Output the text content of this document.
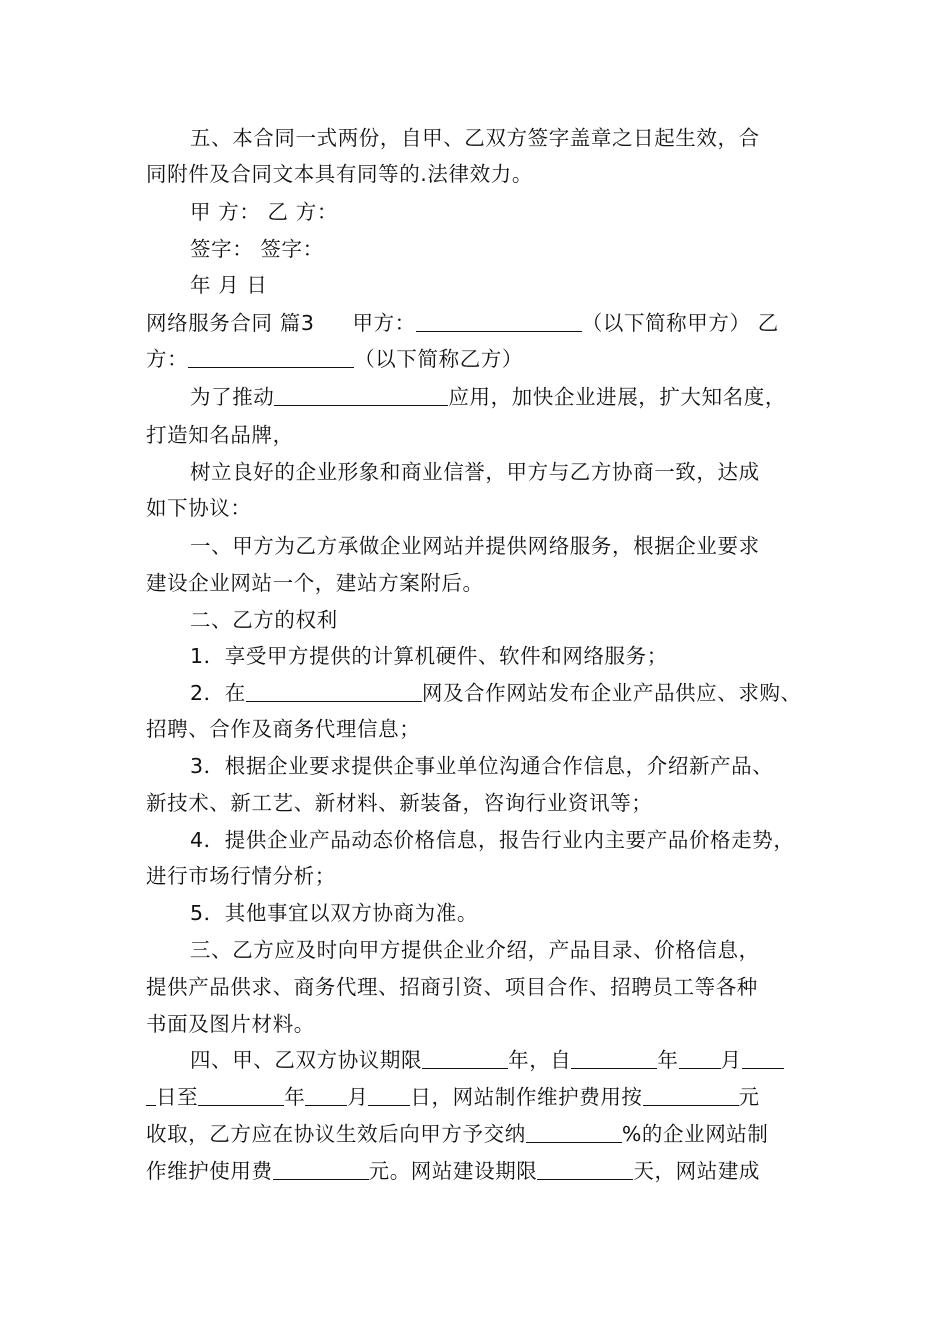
五、本合同一式两份，自甲、乙双方签字盖章之日起生效，合
同附件及合同文本具有同等的.法律效力。
甲 方： 乙 方：
签字： 签字：
年 月 日
网络服务合同 篇3 甲方：	（以下简称甲方） 乙
方：	（以下简称乙方）
为了推动	应用，加快企业进展，扩大知名度，
打造知名品牌，
树立良好的企业形象和商业信誉，甲方与乙方协商一致，达成
如下协议：
一、甲方为乙方承做企业网站并提供网络服务，根据企业要求
建设企业网站一个，建站方案附后。
二、乙方的权利
1．享受甲方提供的计算机硬件、软件和网络服务；
2．在	网及合作网站发布企业产品供应、求购、
招聘、合作及商务代理信息；
3．根据企业要求提供企事业单位沟通合作信息，介绍新产品、
新技术、新工艺、新材料、新装备，咨询行业资讯等；
4．提供企业产品动态价格信息，报告行业内主要产品价格走势，
进行市场行情分析；
5．其他事宜以双方协商为准。
三、乙方应及时向甲方提供企业介绍，产品目录、价格信息，
提供产品供求、商务代理、招商引资、项目合作、招聘员工等各种
书面及图片材料。
四、甲、乙双方协议期限	年，自	年 月
日至	年 月 日，网站制作维护费用按	元
收取，乙方应在协议生效后向甲方予交纳	%的企业网站制
作维护使用费	元。网站建设期限	天，网站建成
